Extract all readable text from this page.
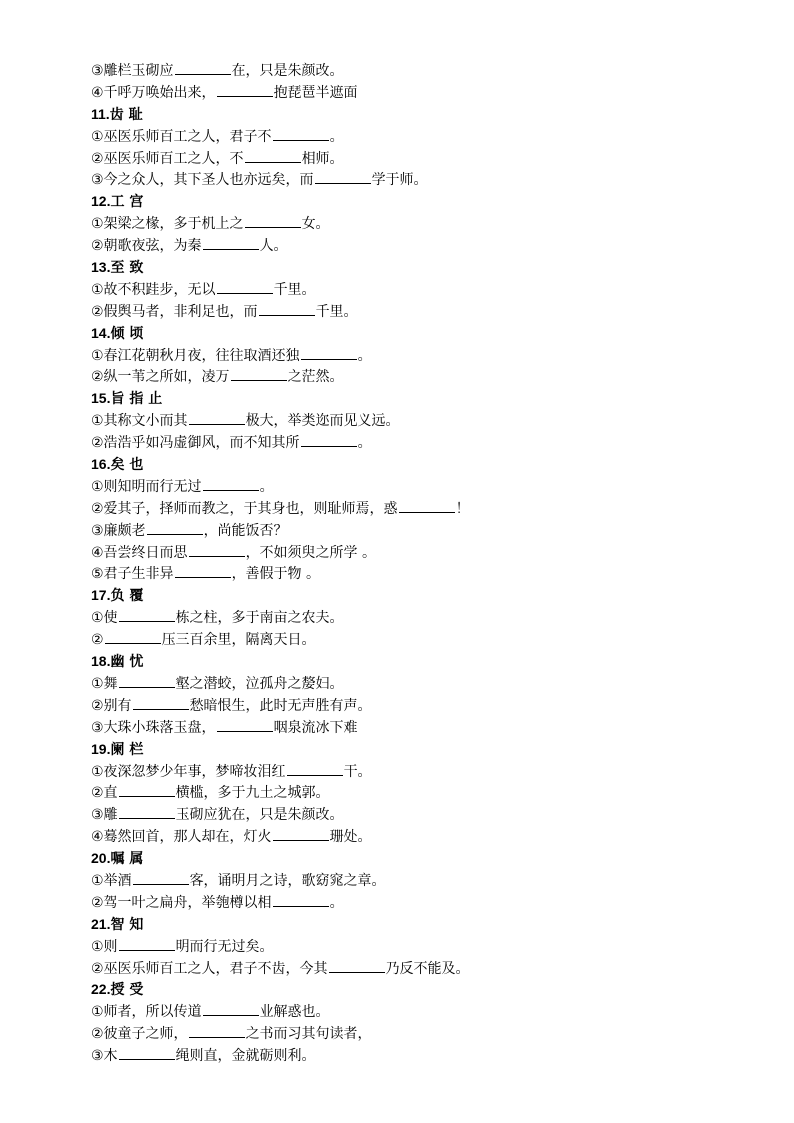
③雕栏玉砌应	在，只是朱颜改。
④千呼万唤始出来，	抱琵琶半遮面
11.齿 耻
①巫医乐师百工之人，君子不	。
②巫医乐师百工之人，不	相师。
③今之众人，其下圣人也亦远矣，而	学于师。
12.工 宫
①架梁之椽，多于机上之	女。
②朝歌夜弦，为秦	人。
13.至 致
①故不积跬步，无以	千里。
②假舆马者，非利足也，而	千里。
14.倾 顷
①春江花朝秋月夜，往往取酒还独	。
②纵一苇之所如，凌万	之茫然。
15.旨 指 止
①其称文小而其	极大，举类迩而见义远。
②浩浩乎如冯虚御风，而不知其所	。
16.矣 也
①则知明而行无过	。
②爱其子，择师而教之，于其身也，则耻师焉，惑	！
③廉颇老	，尚能饭否？
④吾尝终日而思	，不如须臾之所学 。
⑤君子生非异	，善假于物 。
17.负 覆
①使	栋之柱，多于南亩之农夫。
②	压三百余里，隔离天日。
18.幽 忧
①舞	壑之潜蛟，泣孤舟之嫠妇。
②别有	愁暗恨生，此时无声胜有声。
③大珠小珠落玉盘，	咽泉流冰下难
19.阑 栏
①夜深忽梦少年事，梦啼妆泪红	干。
②直	横槛，多于九土之城郭。
③雕	玉砌应犹在，只是朱颜改。
④蓦然回首，那人却在，灯火	珊处。
20.嘱 属
①举酒	客，诵明月之诗，歌窈窕之章。
②驾一叶之扁舟，举匏樽以相	。
21.智 知
①则	明而行无过矣。
②巫医乐师百工之人，君子不齿，今其	乃反不能及。
22.授 受
①师者，所以传道	业解惑也。
②彼童子之师，	之书而习其句读者，
③木	绳则直，金就砺则利。
